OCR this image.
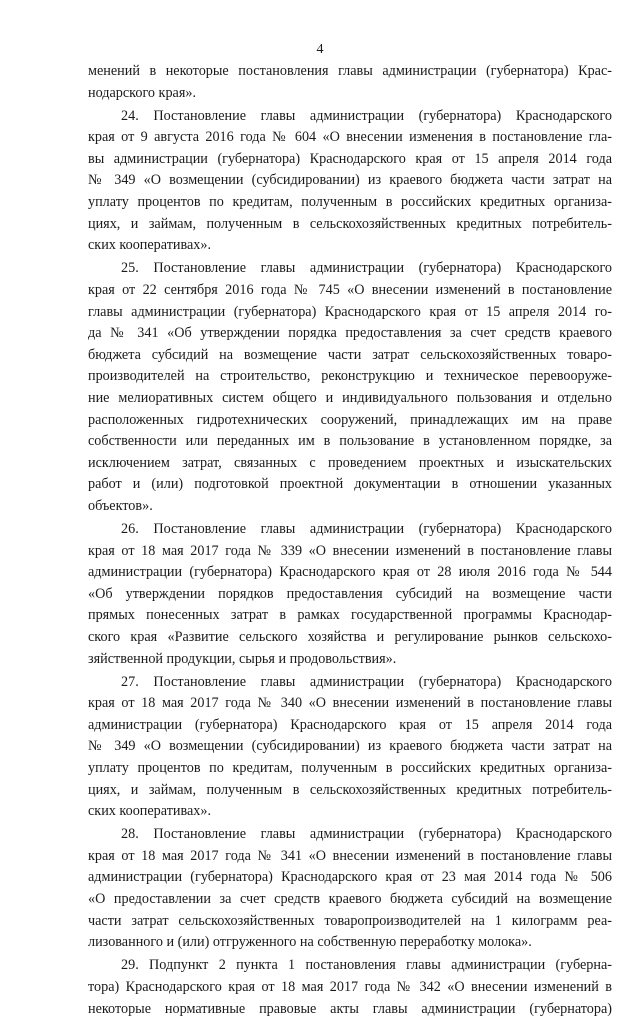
4

менений в некоторые постановления главы администрации (губернатора) Крас-
нодарского края».

24. Постановление главы администрации (губернатора) Краснодарского
края от 9 августа 2016 года № 604 «О внесении изменения в постановление гла-
вы администрации (губернатора) Краснодарского края от 15 апреля 2014 года
№ 349 «О возмещении (субсидировании) из краевого бюджета части затрат на
уплату процентов по кредитам, полученным в российских кредитных организа-
циях, и займам, полученным в сельскохозяйственных кредитных потребитель-
ских кооперативах».

25. Постановление главы администрации (губернатора) Краснодарского
края от 22 сентября 2016 года № 745 «О внесении изменений в постановление
главы администрации (губернатора) Краснодарского края от 15 апреля 2014 го-
да № 341 «Об утверждении порядка предоставления за счет средств краевого
бюджета субсидий на возмещение части затрат сельскохозяйственных товаро-
производителей на строительство, реконструкцию и техническое перевооруже-
ние мелиоративных систем общего и индивидуального пользования и отдельно
расположенных гидротехнических сооружений, принадлежащих им на праве
собственности или переданных им в пользование в установленном порядке, за
исключением затрат, связанных с проведением проектных и изыскательских
работ и (или) подготовкой проектной документации в отношении указанных
объектов».

26. Постановление главы администрации (губернатора) Краснодарского
края от 18 мая 2017 года № 339 «О внесении изменений в постановление главы
администрации (губернатора) Краснодарского края от 28 июля 2016 года № 544
«Об утверждении порядков предоставления субсидий на возмещение части
прямых понесенных затрат в рамках государственной программы Краснодар-
ского края «Развитие сельского хозяйства и регулирование рынков сельскохо-
зяйственной продукции, сырья и продовольствия».

27. Постановление главы администрации (губернатора) Краснодарского
края от 18 мая 2017 года № 340 «О внесении изменений в постановление главы
администрации (губернатора) Краснодарского края от 15 апреля 2014 года
№ 349 «О возмещении (субсидировании) из краевого бюджета части затрат на
уплату процентов по кредитам, полученным в российских кредитных организа-
циях, и займам, полученным в сельскохозяйственных кредитных потребитель-
ских кооперативах».

28. Постановление главы администрации (губернатора) Краснодарского
края от 18 мая 2017 года № 341 «О внесении изменений в постановление главы
администрации (губернатора) Краснодарского края от 23 мая 2014 года № 506
«О предоставлении за счет средств краевого бюджета субсидий на возмещение
части затрат сельскохозяйственных товаропроизводителей на 1 килограмм реа-
лизованного и (или) отгруженного на собственную переработку молока».

29. Подпункт 2 пункта 1 постановления главы администрации (губерна-
тора) Краснодарского края от 18 мая 2017 года № 342 «О внесении изменений в
некоторые нормативные правовые акты главы администрации (губернатора)
